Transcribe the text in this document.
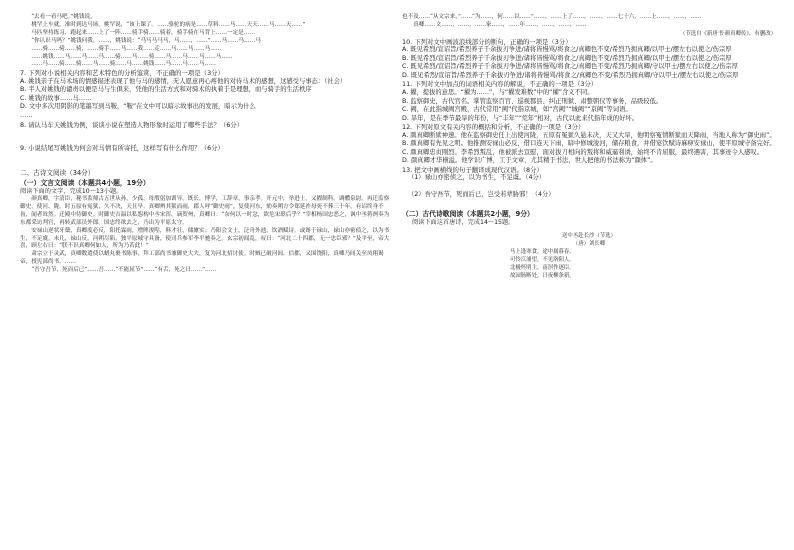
“去看一看马吧。”姚钱说。

桃罕上车就，准时到达马场。桃罕说，“该上课了。……骆驼的病是……草料……马……天天……马……天……”

马匹坚持练习，跑起来……上了一阵……骑手骑……骑着，骑手骑在马背上……一定是……

“你认识马吗？”姚钱问我。……，姚钱说：“马马马马马，马……，……”……马……马……马

……骑……骑……骑，……骑手……马……我……走……马……马……马……

……姚钱……马……马……马……骑……马……骑……马……马……马……马……

……马……骑……骑……马……骑……马……姚钱……马……马……马……

7. 下列对小说相关内容和艺术特色的分析鉴赏，不正确的一项是（3分）

A. 姚钱亲子在马术场的情感描述表现了他与马的感情，无人愿意再心疼他的对待马术的感想，这感受与事态：（社会）

B. 半人对姚钱的谴责以便是马与生俱来，凭他的生活方式和对骑术的执着于是理想，而与骑手的生活秩序

C. 姚钱的故事……马……

D. 文中多次用阴影的笔墨写到马鞍，“鞍”在文中可以暗示故事出的发展，暗示为什么

……

8. 请认马车天姚钱为例，谈谈小说在塑造人物形象时运用了哪些手法？（6分）

9. 小说结尾写姚钱为何会对马情有所寄托，这样写有什么作用？（6分）

二、古诗文阅读（34分）

（一）文言文阅读（本题共4小题，19分）

阅读下面的文字，完成10～13小题。

颜真卿，字清臣，秘书监师古五世从孙。少孤，母殷躬加训导。既长，博学，工辞章，事亲孝。开元中，举进士，又擢制科。调醴泉尉。再迁监察御史，使河、陇。时五原有冤狱，久不决，天且旱，真卿辨其狱而雨，郡人呼“御史雨”。复使河东，劾奏朔方令郑延祚母死不葬三十年，有诏终身不齿，闻者耸然。迁殿中侍御史。时御史吉温以私怨构中丞宋浑，谪贺州，真卿曰：“奈何以一时忿，欲危宋璟后乎？”宰相杨国忠恶之，讽中丞蒋冽奏为东都采访判官，再转武部员外郎。国忠终欲去之，乃出为平原太守。

安禄山逆状牙蘖，真卿度必反，阳托霖雨，增陴浚隍，料才壮，储廪实；乃阳会文士，泛舟外池，饮酒赋诗。或谗于禄山，禄山亦密侦之，以为书生，不足虞。未几，禄山反，河朔尽陷，独平原城守具备，使司兵参军李平驰奏之。玄宗初闻乱，叹曰：“河北二十四郡，无一忠臣邪？”及平至，帝大喜，顾左右曰：“朕不识真卿何如人，所为乃若此！”

肃宗立于灵武，真卿数遣使以蜡丸裹书陈事，拜工部尚书兼御史大夫，复为河北招讨使。时贼已破河间、信都，又围饶阳，真卿乃间关至凤翔谒帝，授宪部尚书。……

“吾守吾节，死而后已”……吾……“不能屈节”……“有舌，死之日……”……

也不及……“从文宗来，”……“为……，何……以……”……，……上了……，……。……七十六，……上……，……，……

真卿……文……，……，……家……，……年……，……，……，……

（节选自《新唐书·颜真卿传》，有删改）

10. 下列对文中画波浪线部分的断句，正确的一项是（3分）

A. 既见希烈/宣诏旨/希烈养子千余拔刃争进/诸将皆慢骂/将食之/真卿色不变/希烈乃拥真卿/以甲士/摆左右以使之/伤宗厚

B. 既见希烈/宣诏旨/希烈养子千余拔刃争进/诸将皆慢骂/将食之/真卿色不变/希烈乃拥真卿/以甲士/摆左右以使之/伤宗厚

C. 既见希烈/宣诏旨/希烈养子千余拔刃争进/诸将皆慢骂/将食之/真卿色不变/希烈乃拥真卿/守以甲士/摆左右以使之/伤宗厚

D. 既见希烈/宣诏旨/希烈养子千余拔刃争进/诸将皆慢骂/将食之/真卿色不变/希烈乃拥真卿/守以甲士/摆左右以使之/伤宗厚

11. 下列对文中加点的词语相关内容的解说，不正确的一项是（3分）

A. 擢，提拔的意思。“擢为……”，与“擢发难数”中的“擢”含义不同。

B. 监察御史，古代官名。掌管监察百官、巡视郡县、纠正刑狱、肃整朝仪等事务，品级较低。

C. 阙，在此指城阙宫殿，古代常用“阙”代指京城，如“宫阙”“城阙”“京阙”等词语。

D. 旱年，是在季节最旱的年份，与“丰年”“荒年”相对，古代以此来代指年成的好坏。

12. 下列对原文有关内容的概括和分析，不正确的一项是（3分）

A. 颜真卿断狱神速。他在监察御史任上出使河陇，五原有冤狱久悬未决，天又大旱，他明察冤情断狱而天降雨，当地人称为“御史雨”。

B. 颜真卿有先见之明。他推测安禄山必反，借口连天下雨，暗中修城浚河，储存粮食，并借宴饮赋诗麻痹安禄山，使平原城守备完好。

C. 颜真卿忠贞刚烈。李希烈叛乱，他被派去宣慰，面对拔刀相向的叛将和威逼利诱，始终不肯屈服，最终遇害，其事迹令人感叹。

D. 颜真卿才华横溢。他学识广博，工于文章，尤其精于书法，世人把他的书法称为“颜体”。

13. 把文中画横线的句子翻译成现代汉语。（8分）

（1）禄山亦密侦之，以为书生，不足虞。（4分）

（2）吾守吾节，死而后已，岂受若辈胁邪！（4分）

（二）古代诗歌阅读（本题共2小题，9分）

阅读下面这首唐诗，完成14～15题。

送中丞赴长沙（节选）

（唐）刘长卿

马上逢寒食，途中属暮春。

可怜江浦望，不见洛阳人。

北极怀明主，南溟作逐臣。

故园肠断处，日夜柳条新。
